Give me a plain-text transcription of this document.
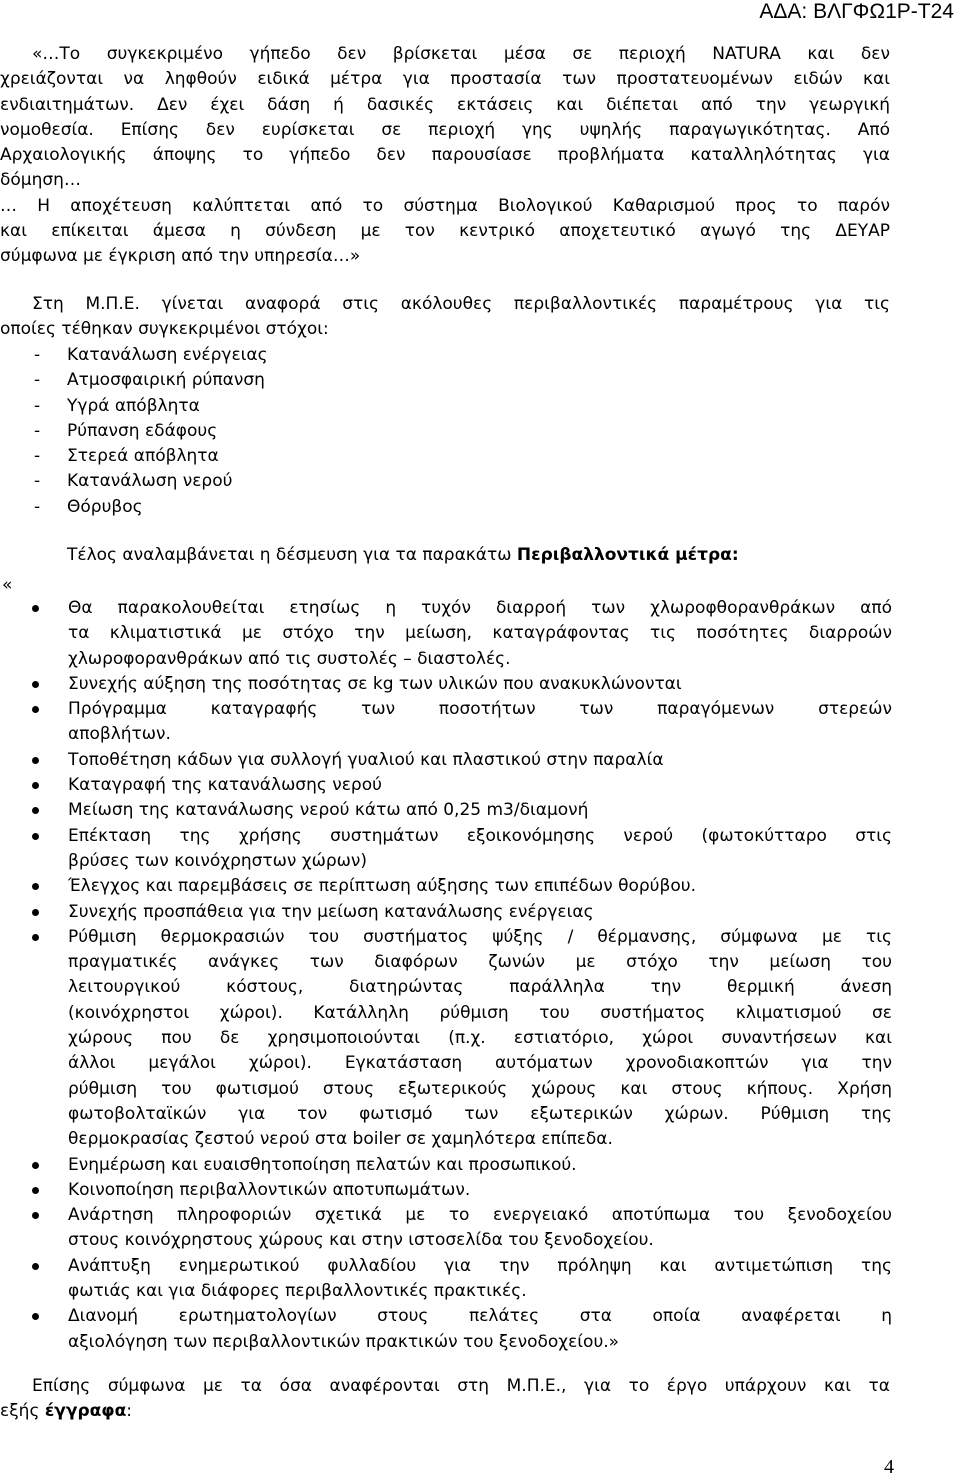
ΑΔΑ: ΒΛΓΦΩ1Ρ-Τ24
«…Το συγκεκριμένο γήπεδο δεν βρίσκεται μέσα σε περιοχή NATURA και δεν
χρειάζονται να ληφθούν ειδικά μέτρα για προστασία των προστατευομένων ειδών και
ενδιαιτημάτων. Δεν έχει δάση ή δασικές εκτάσεις και διέπεται από την γεωργική
νομοθεσία. Επίσης δεν ευρίσκεται σε περιοχή γης υψηλής παραγωγικότητας. Από
Αρχαιολογικής άποψης το γήπεδο δεν παρουσίασε προβλήματα καταλληλότητας για
δόμηση…
… Η αποχέτευση καλύπτεται από το σύστημα Βιολογικού Καθαρισμού προς το παρόν
και επίκειται άμεσα η σύνδεση με τον κεντρικό αποχετευτικό αγωγό της ΔΕΥΑΡ
σύμφωνα με έγκριση από την υπηρεσία…»
Στη Μ.Π.Ε. γίνεται αναφορά στις ακόλουθες περιβαλλοντικές παραμέτρους για τις
οποίες τέθηκαν συγκεκριμένοι στόχοι:
- Κατανάλωση ενέργειας
- Ατμοσφαιρική ρύπανση
- Υγρά απόβλητα
- Ρύπανση εδάφους
- Στερεά απόβλητα
- Κατανάλωση νερού
- Θόρυβος
Τέλος αναλαμβάνεται η δέσμευση για τα παρακάτω Περιβαλλοντικά μέτρα:
«
Θα παρακολουθείται ετησίως η τυχόν διαρροή των χλωροφθορανθράκων από
τα κλιματιστικά με στόχο την μείωση, καταγράφοντας τις ποσότητες διαρροών
χλωροφορανθράκων από τις συστολές – διαστολές.
Συνεχής αύξηση της ποσότητας σε kg των υλικών που ανακυκλώνονται
Πρόγραμμα καταγραφής των ποσοτήτων των παραγόμενων στερεών
αποβλήτων.
Τοποθέτηση κάδων για συλλογή γυαλιού και πλαστικού στην παραλία
Καταγραφή της κατανάλωσης νερού
Μείωση της κατανάλωσης νερού κάτω από 0,25 m3/διαμονή
Επέκταση της χρήσης συστημάτων εξοικονόμησης νερού (φωτοκύτταρο στις
βρύσες των κοινόχρηστων χώρων)
Έλεγχος και παρεμβάσεις σε περίπτωση αύξησης των επιπέδων θορύβου.
Συνεχής προσπάθεια για την μείωση κατανάλωσης ενέργειας
Ρύθμιση θερμοκρασιών του συστήματος ψύξης / θέρμανσης, σύμφωνα με τις
πραγματικές ανάγκες των διαφόρων ζωνών με στόχο την μείωση του
λειτουργικού κόστους, διατηρώντας παράλληλα την θερμική άνεση
(κοινόχρηστοι χώροι). Κατάλληλη ρύθμιση του συστήματος κλιματισμού σε
χώρους που δε χρησιμοποιούνται (π.χ. εστιατόριο, χώροι συναντήσεων και
άλλοι μεγάλοι χώροι). Εγκατάσταση αυτόματων χρονοδιακοπτών για την
ρύθμιση του φωτισμού στους εξωτερικούς χώρους και στους κήπους. Χρήση
φωτοβολταϊκών για τον φωτισμό των εξωτερικών χώρων. Ρύθμιση της
θερμοκρασίας ζεστού νερού στα boiler σε χαμηλότερα επίπεδα.
Ενημέρωση και ευαισθητοποίηση πελατών και προσωπικού.
Κοινοποίηση περιβαλλοντικών αποτυπωμάτων.
Ανάρτηση πληροφοριών σχετικά με το ενεργειακό αποτύπωμα του ξενοδοχείου
στους κοινόχρηστους χώρους και στην ιστοσελίδα του ξενοδοχείου.
Ανάπτυξη ενημερωτικού φυλλαδίου για την πρόληψη και αντιμετώπιση της
φωτιάς και για διάφορες περιβαλλοντικές πρακτικές.
Διανομή ερωτηματολογίων στους πελάτες στα οποία αναφέρεται η
αξιολόγηση των περιβαλλοντικών πρακτικών του ξενοδοχείου.»
Επίσης σύμφωνα με τα όσα αναφέρονται στη Μ.Π.Ε., για το έργο υπάρχουν και τα
εξής έγγραφα:
4
